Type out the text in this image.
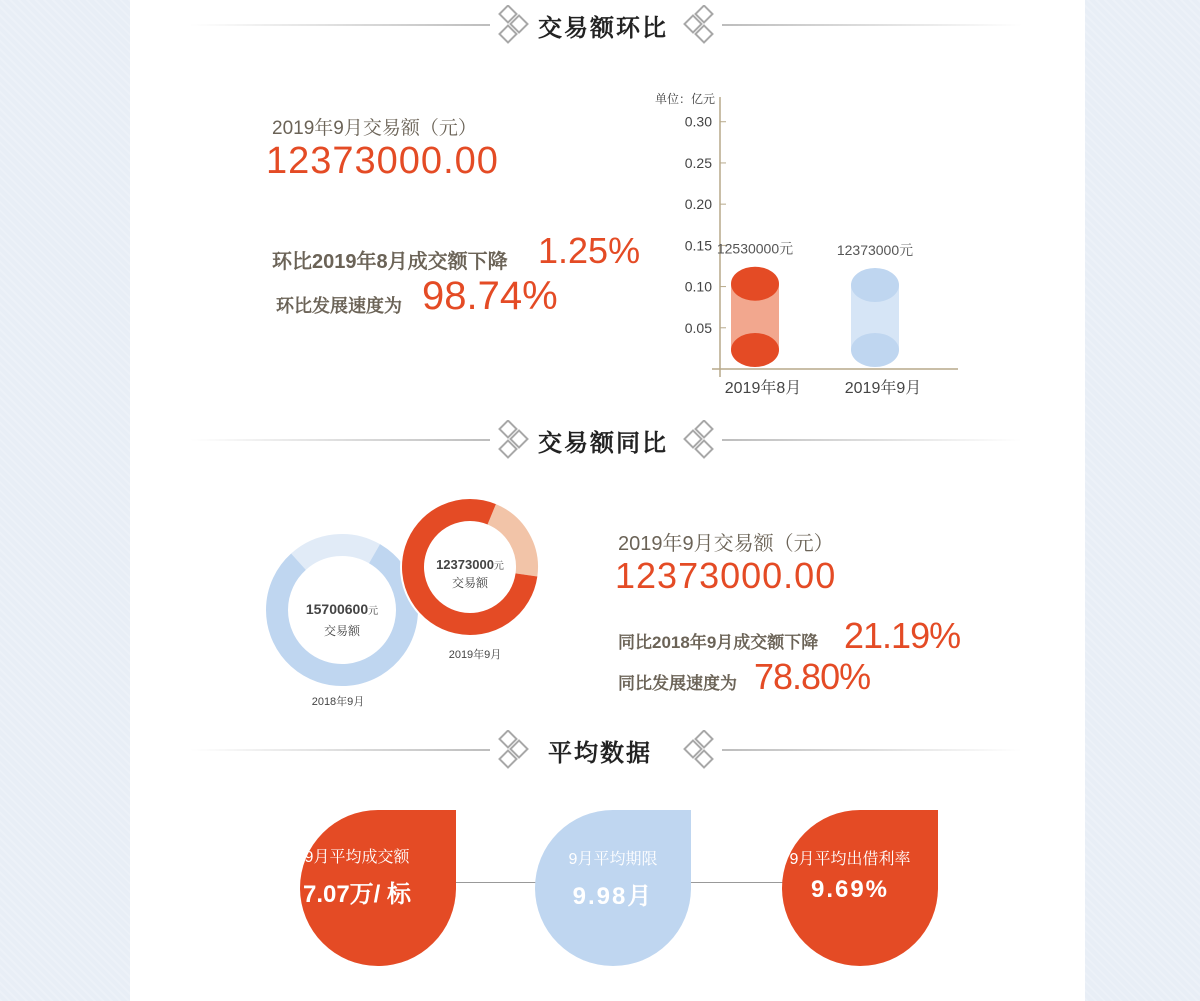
交易额环比
2019年9月交易额（元）
12373000.00
环比2019年8月成交额下降 1.25%
环比发展速度为 98.74%
单位：亿元
0.05
0.10
0.15
0.20
0.25
0.30
12530000元
2019年8月
12373000元
2019年9月
交易额同比
15700600元
交易额
2018年9月
12373000元
交易额
2019年9月
2019年9月交易额（元）
12373000.00
同比2018年9月成交额下降 21.19%
同比发展速度为 78.80%
平均数据
9月平均成交额
7.07万/ 标
9月平均期限
9.98月
9月平均出借利率
9.69%
